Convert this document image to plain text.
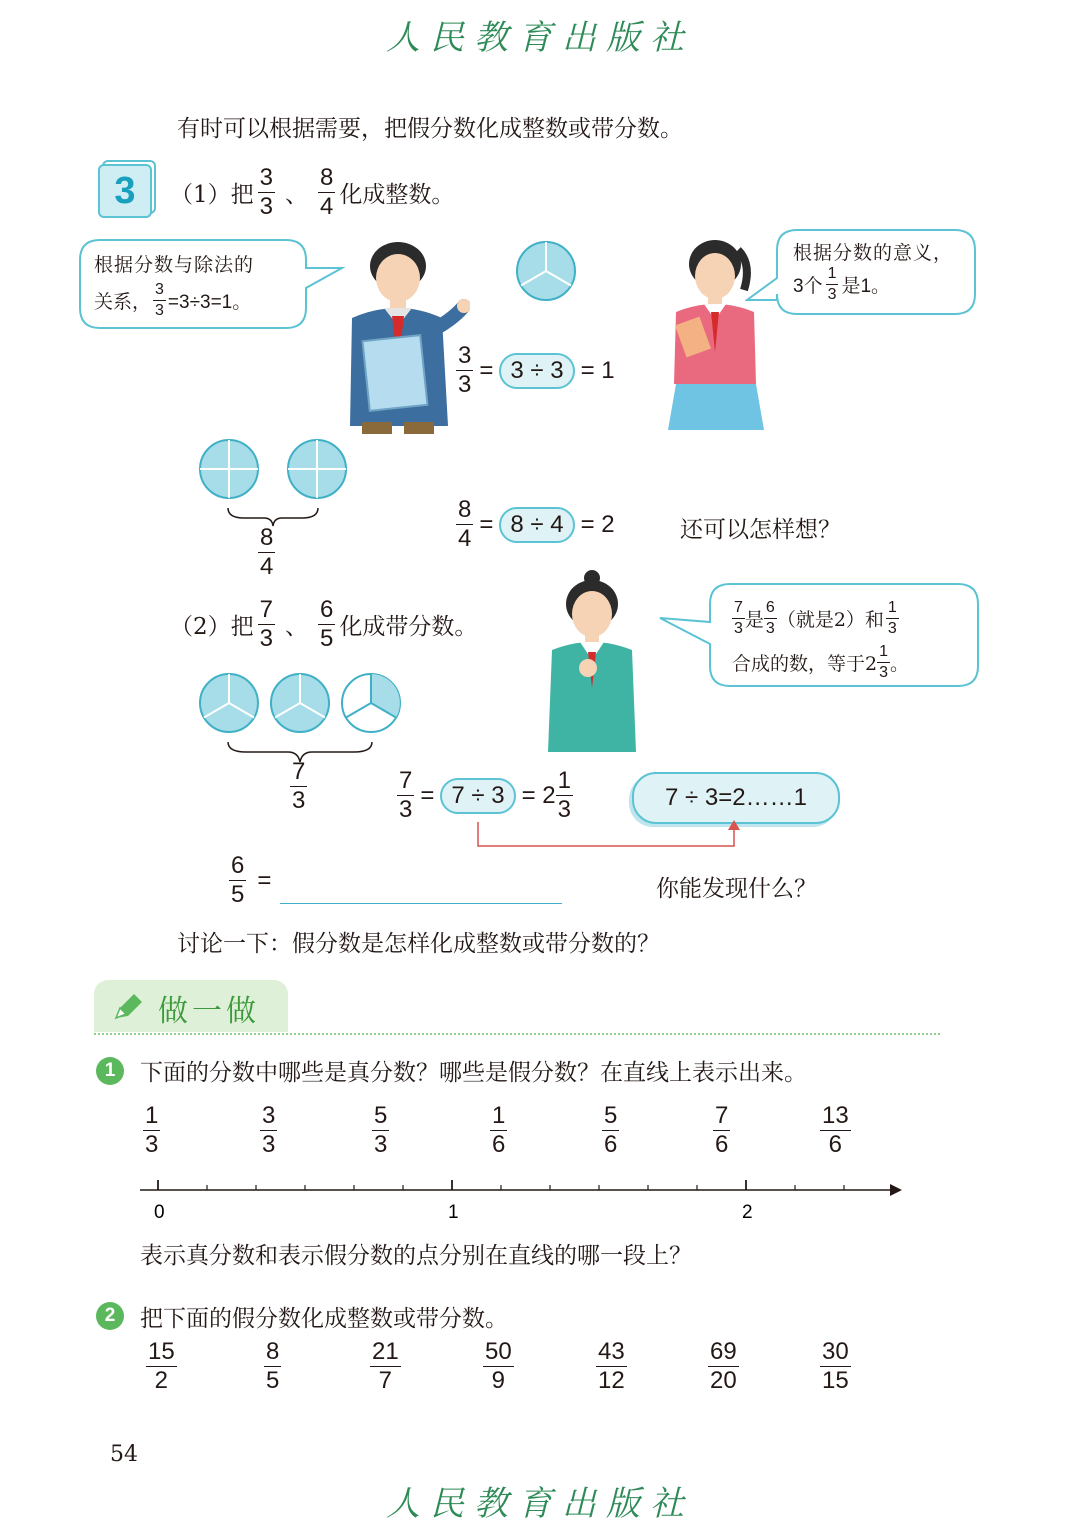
人民教育出版社
有时可以根据需要，把假分数化成整数或带分数。
3	（1）把 $\frac{3}{3}$ 、 $\frac{8}{4}$ 化成整数。
根据分数与除法的
关系， $\frac{3}{3} =3\div 3=1$。
根据分数的意义，
3个 $\frac{1}{3}$ 是1。
$\frac{3}{3} = 3 \div 3 = 1$
$\frac{8}{4}$
$\frac{8}{4} = 8 \div 4 = 2$	还可以怎样想？
（2）把 $\frac{7}{3}$ 、 $\frac{6}{5}$ 化成带分数。	$\frac{7}{3}$ 是 $\frac{6}{3}$ （就是2）和 $\frac{1}{3}$
合成的数，等于$2 \frac{1}{3}$ 。
$\frac{7}{3}$	$\frac{7}{3} = 7 \div 3 = 2 \frac{1}{3}$	7 ÷ 3=2……1
$\frac{6}{5}$ =	你能发现什么？
讨论一下：假分数是怎样化成整数或带分数的？
做一做
1	下面的分数中哪些是真分数？哪些是假分数？在直线上表示出来。
$\frac{1}{3}$	$\frac{3}{3}$	$\frac{5}{3}$	$\frac{1}{6}$	$\frac{5}{6}$	$\frac{7}{6}$	$\frac{13}{6}$
0	1	2
表示真分数和表示假分数的点分别在直线的哪一段上？
2	把下面的假分数化成整数或带分数。
$\frac{15}{2}$	$\frac{8}{5}$	$\frac{21}{7}$	$\frac{50}{9}$	$\frac{43}{12}$	$\frac{69}{20}$	$\frac{30}{15}$
54
人民教育出版社
